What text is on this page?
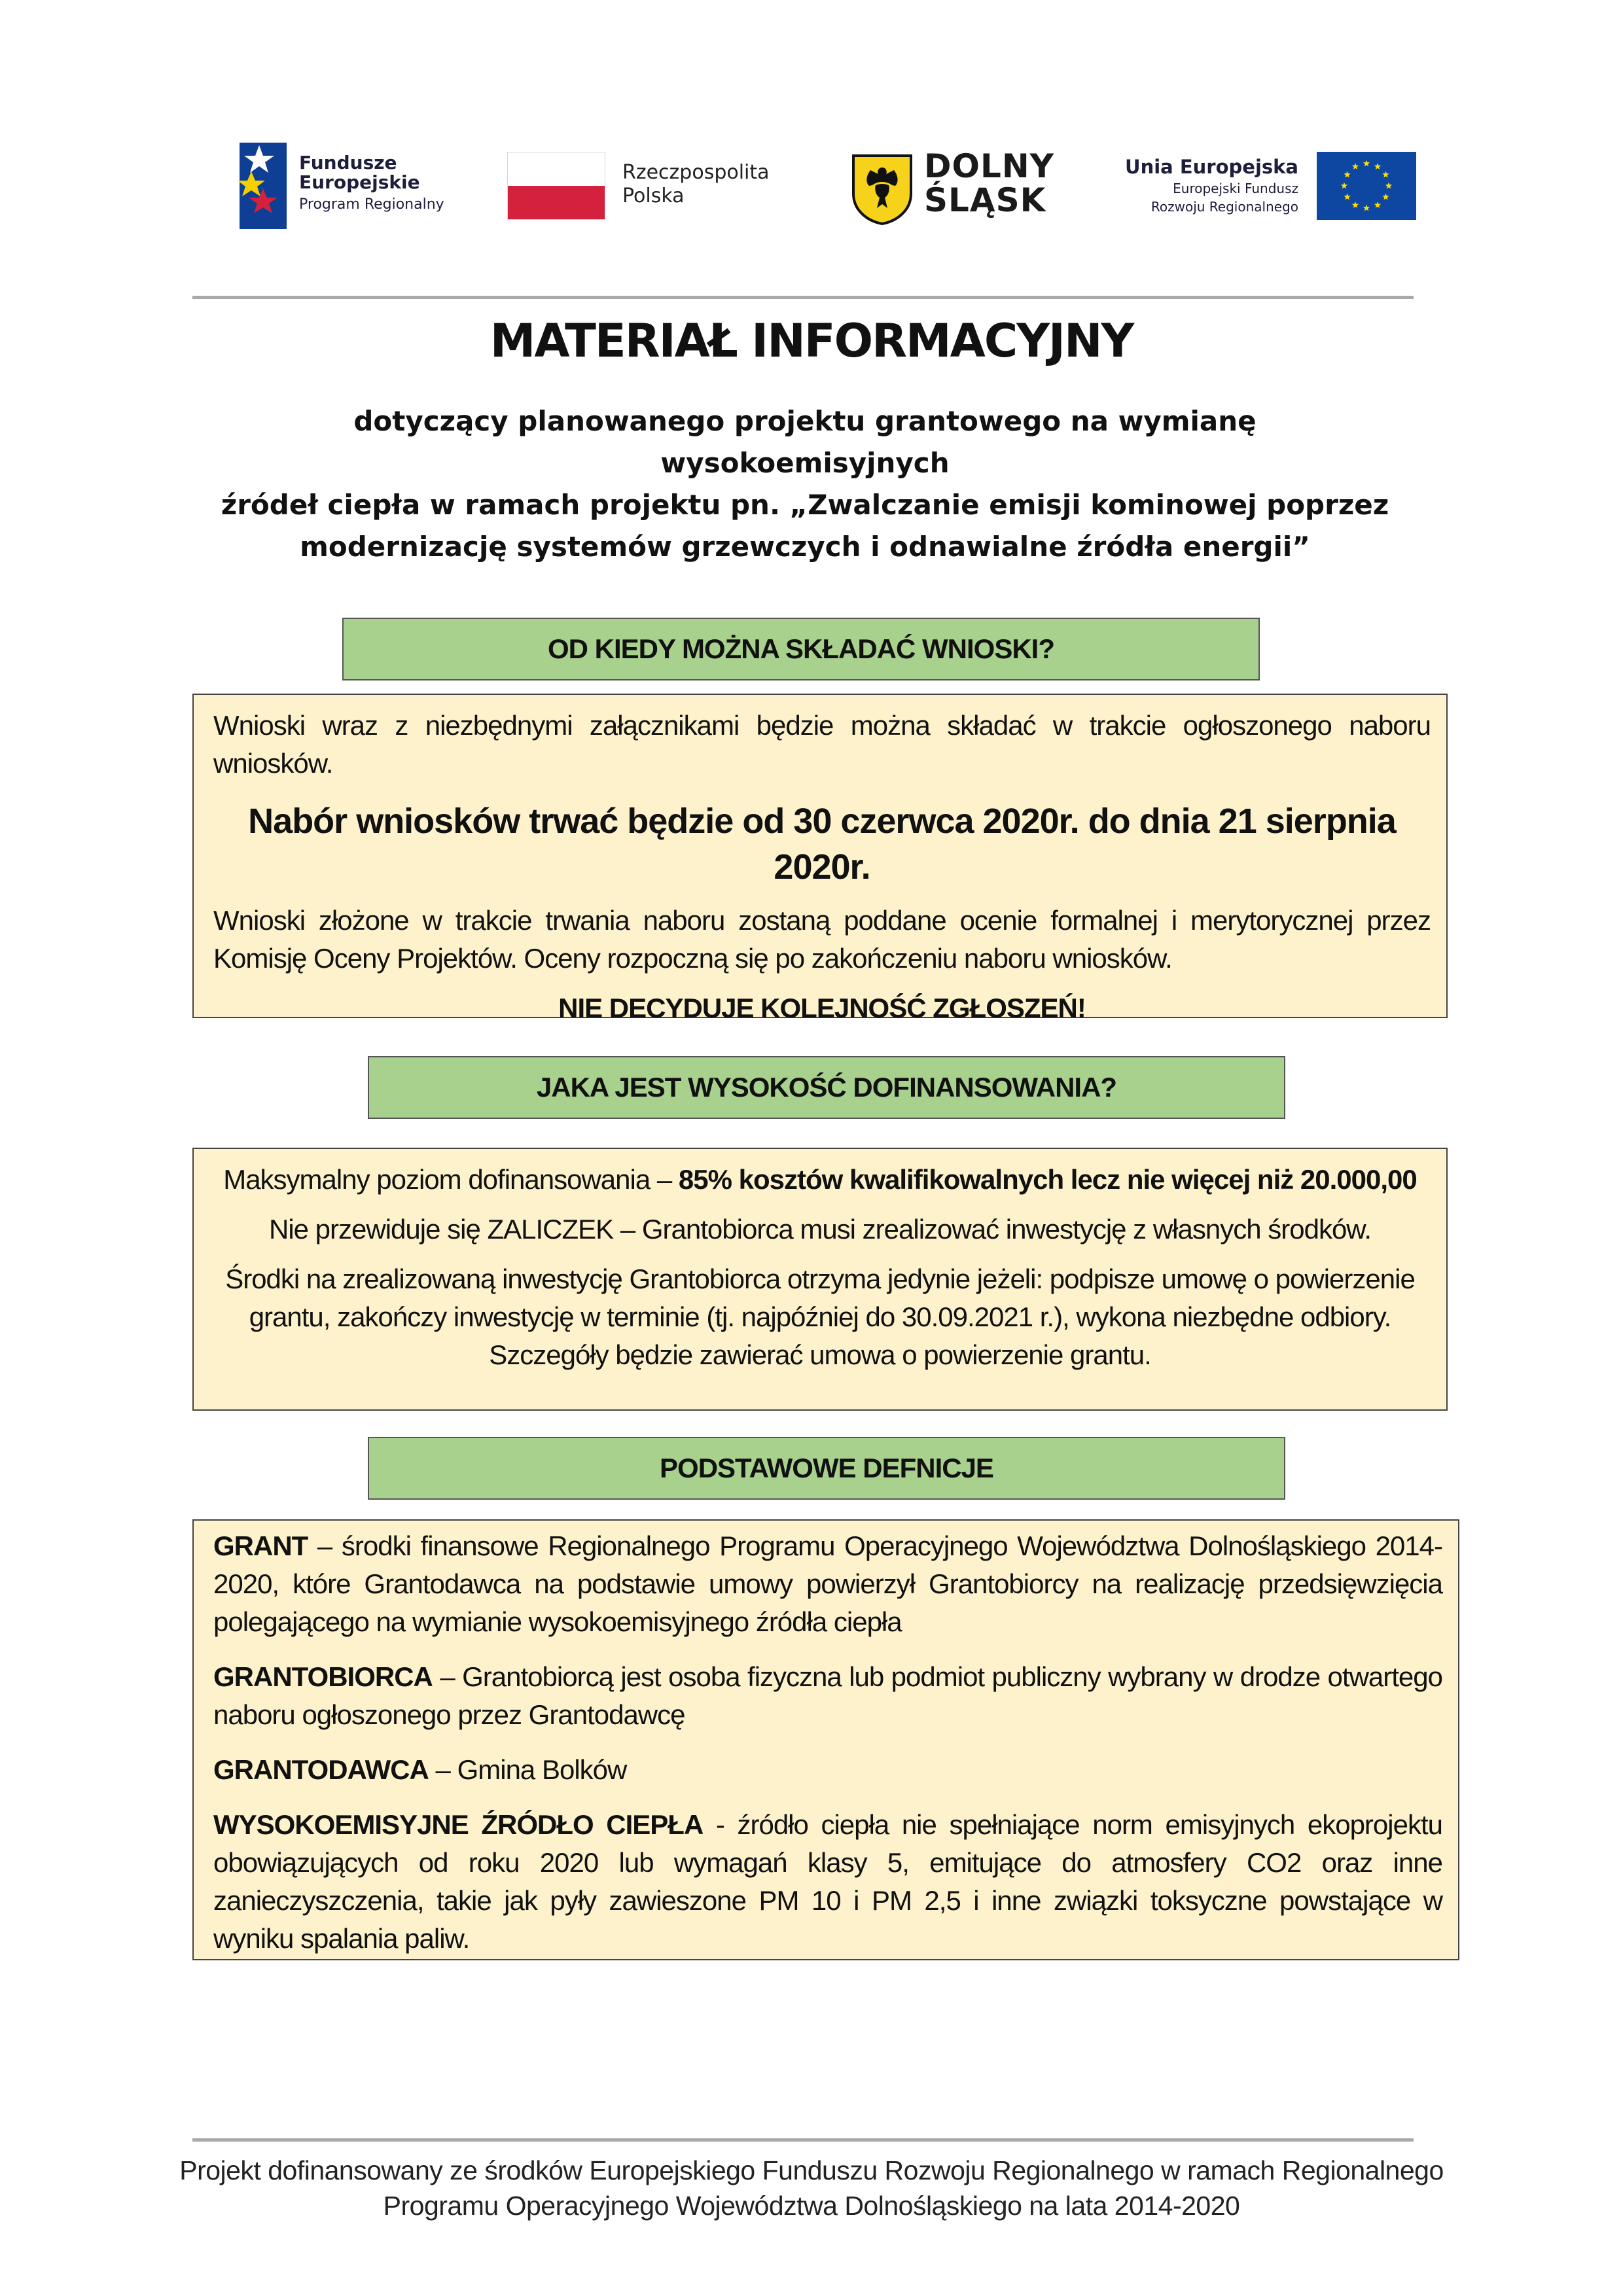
Fundusze
Europejskie
Program Regionalny
Rzeczpospolita
Polska
DOLNY
ŚLĄSK
Unia Europejska
Europejski Fundusz
Rozwoju Regionalnego
MATERIAŁ INFORMACYJNY
dotyczący planowanego projektu grantowego na wymianę wysokoemisyjnych
źródeł ciepła w ramach projektu pn. „Zwalczanie emisji kominowej poprzez
modernizację systemów grzewczych i odnawialne źródła energii”
OD KIEDY MOŻNA SKŁADAĆ WNIOSKI?

Wnioski wraz z niezbędnymi załącznikami będzie można składać w trakcie ogłoszonego naboru wniosków.

Nabór wniosków trwać będzie od 30 czerwca 2020r. do dnia 21 sierpnia 2020r.

Wnioski złożone w trakcie trwania naboru zostaną poddane ocenie formalnej i merytorycznej przez Komisję Oceny Projektów. Oceny rozpoczną się po zakończeniu naboru wniosków.

NIE DECYDUJE KOLEJNOŚĆ ZGŁOSZEŃ!

JAKA JEST WYSOKOŚĆ DOFINANSOWANIA?

Maksymalny poziom dofinansowania – 85% kosztów kwalifikowalnych lecz nie więcej niż 20.000,00

Nie przewiduje się ZALICZEK – Grantobiorca musi zrealizować inwestycję z własnych środków.

Środki na zrealizowaną inwestycję Grantobiorca otrzyma jedynie jeżeli: podpisze umowę o powierzenie grantu, zakończy inwestycję w terminie (tj. najpóźniej do 30.09.2021 r.), wykona niezbędne odbiory. Szczegóły będzie zawierać umowa o powierzenie grantu.

PODSTAWOWE DEFNICJE

GRANT – środki finansowe Regionalnego Programu Operacyjnego Województwa Dolnośląskiego 2014-2020, które Grantodawca na podstawie umowy powierzył Grantobiorcy na realizację przedsięwzięcia polegającego na wymianie wysokoemisyjnego źródła ciepła

GRANTOBIORCA – Grantobiorcą jest osoba fizyczna lub podmiot publiczny wybrany w drodze otwartego naboru ogłoszonego przez Grantodawcę

GRANTODAWCA – Gmina Bolków

WYSOKOEMISYJNE ŹRÓDŁO CIEPŁA - źródło ciepła nie spełniające norm emisyjnych ekoprojektu obowiązujących od roku 2020 lub wymagań klasy 5, emitujące do atmosfery CO2 oraz inne zanieczyszczenia, takie jak pyły zawieszone PM 10 i PM 2,5 i inne związki toksyczne powstające w wyniku spalania paliw.

Projekt dofinansowany ze środków Europejskiego Funduszu Rozwoju Regionalnego w ramach Regionalnego
Programu Operacyjnego Województwa Dolnośląskiego na lata 2014-2020
